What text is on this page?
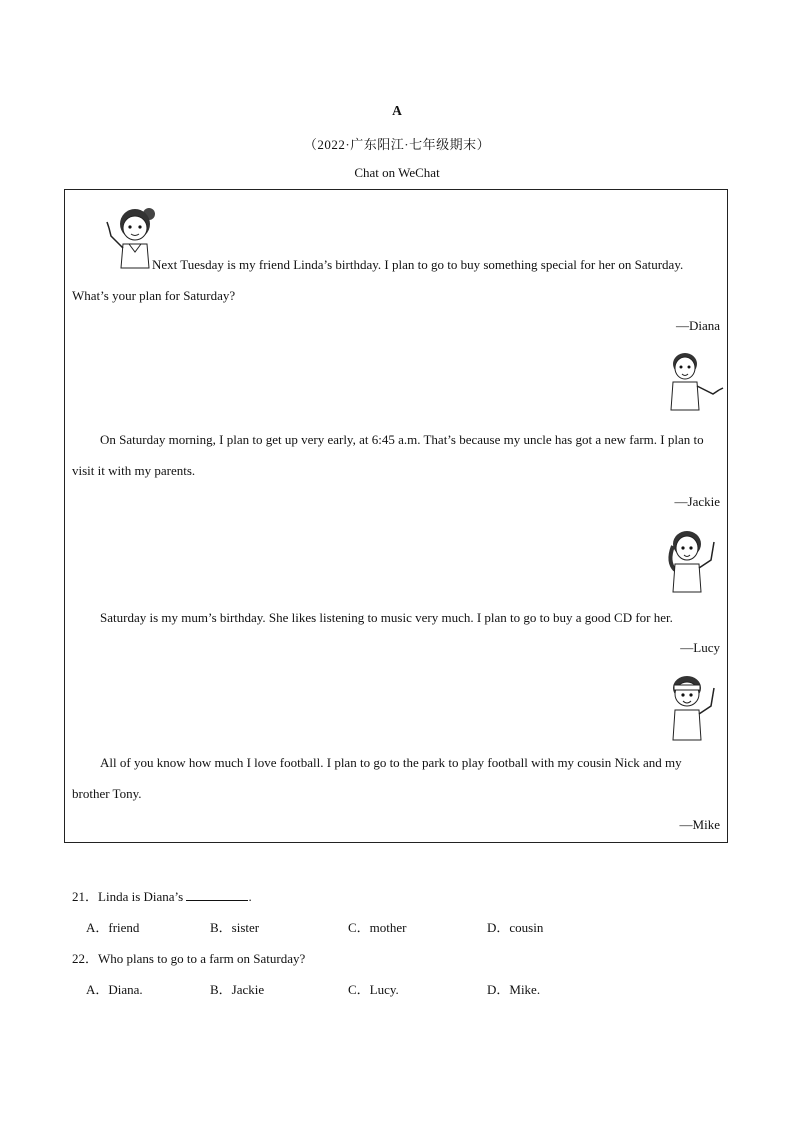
A
（2022·广东阳江·七年级期末）
Chat on WeChat

Next Tuesday is my friend Linda’s birthday. I plan to go to buy something special for her on Saturday. What’s your plan for Saturday?

—Diana

On Saturday morning, I plan to get up very early, at 6:45 a.m. That’s because my uncle has got a new farm. I plan to visit it with my parents.

—Jackie

Saturday is my mum’s birthday. She likes listening to music very much. I plan to go to buy a good CD for her.

—Lucy

All of you know how much I love football. I plan to go to the park to play football with my cousin Nick and my brother Tony.

—Mike
21．Linda is Diana’s	.
A．friend	B．sister	C．mother	D．cousin
22．Who plans to go to a farm on Saturday?
A．Diana.	B．Jackie	C．Lucy.	D．Mike.
